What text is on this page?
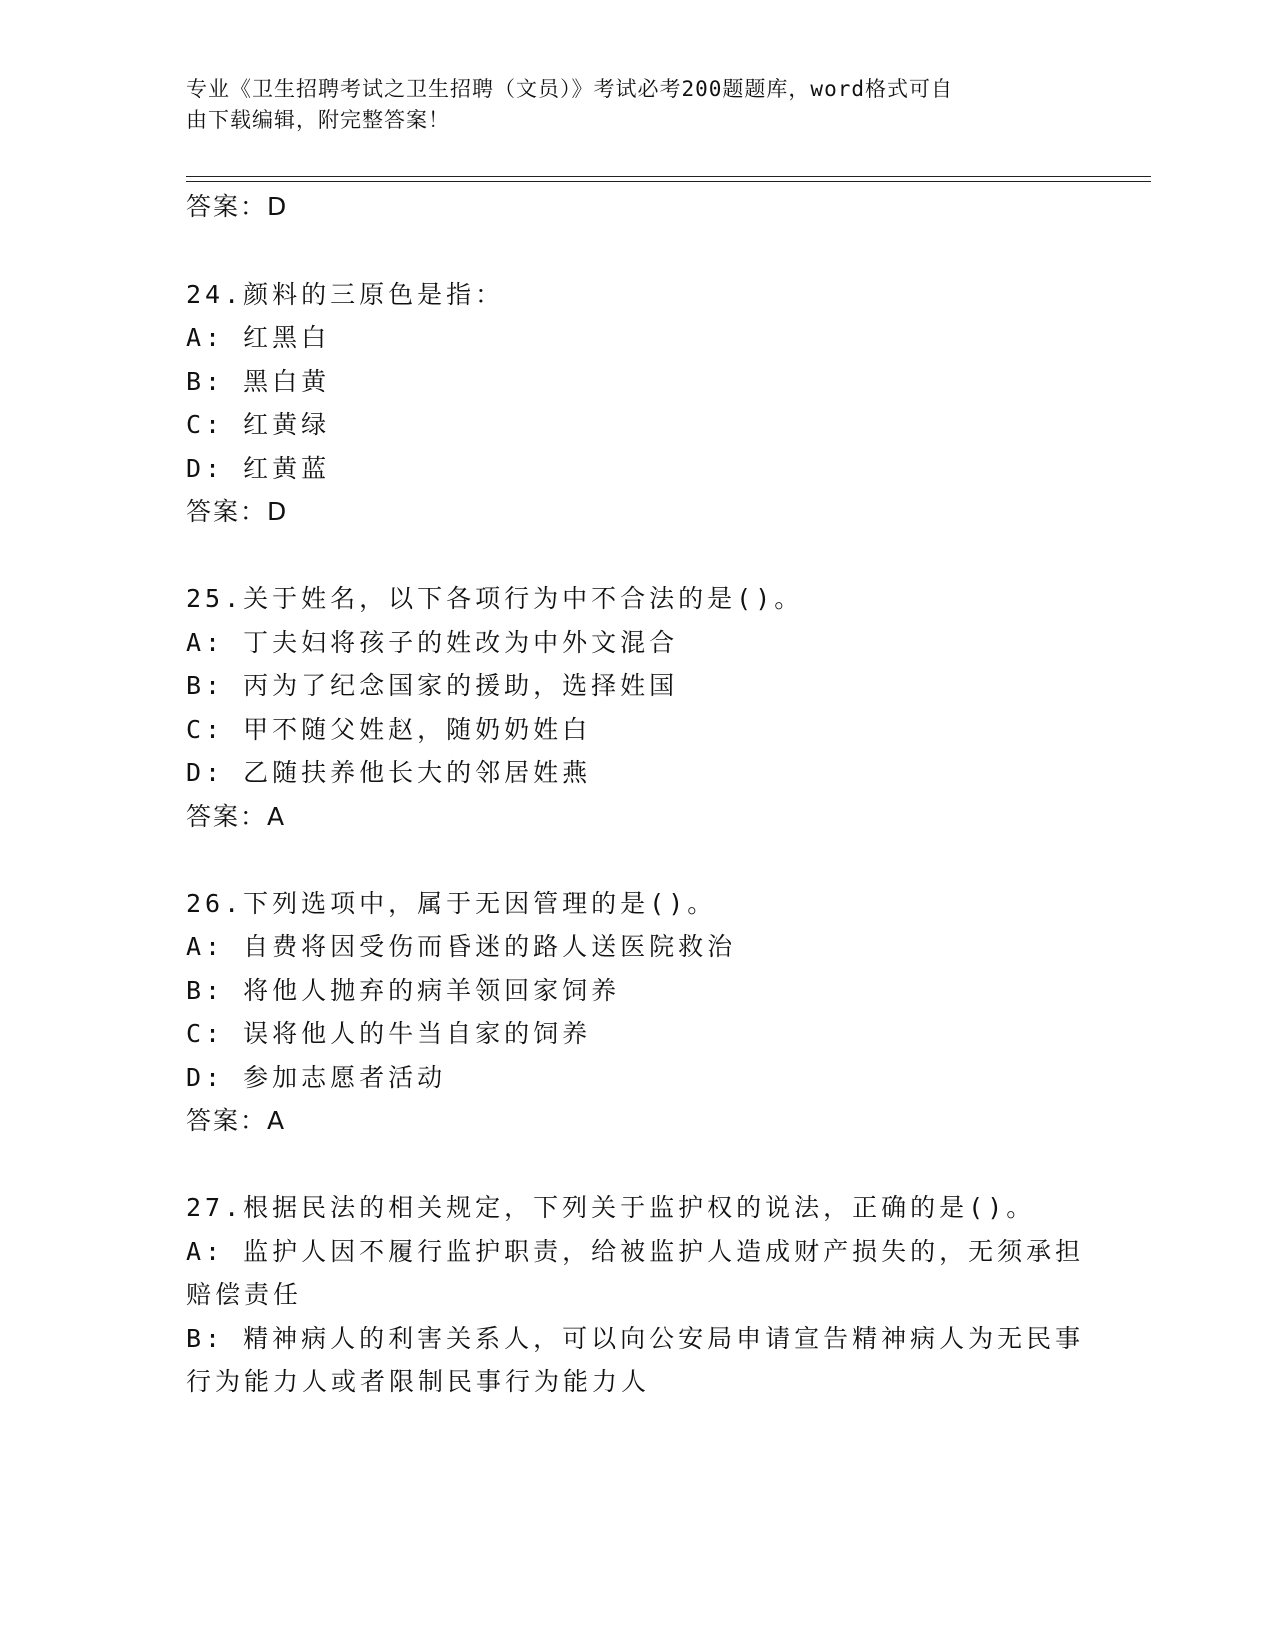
专业《卫生招聘考试之卫生招聘（文员）》考试必考200题题库，word格式可自
由下载编辑，附完整答案！
答案：D
24.颜料的三原色是指：
A: 红黑白
B: 黑白黄
C: 红黄绿
D: 红黄蓝
答案：D
25.关于姓名，以下各项行为中不合法的是()。
A: 丁夫妇将孩子的姓改为中外文混合
B: 丙为了纪念国家的援助，选择姓国
C: 甲不随父姓赵，随奶奶姓白
D: 乙随扶养他长大的邻居姓燕
答案：A
26.下列选项中，属于无因管理的是()。
A: 自费将因受伤而昏迷的路人送医院救治
B: 将他人抛弃的病羊领回家饲养
C: 误将他人的牛当自家的饲养
D: 参加志愿者活动
答案：A
27.根据民法的相关规定，下列关于监护权的说法，正确的是()。
A: 监护人因不履行监护职责，给被监护人造成财产损失的，无须承担
赔偿责任
B: 精神病人的利害关系人，可以向公安局申请宣告精神病人为无民事
行为能力人或者限制民事行为能力人
